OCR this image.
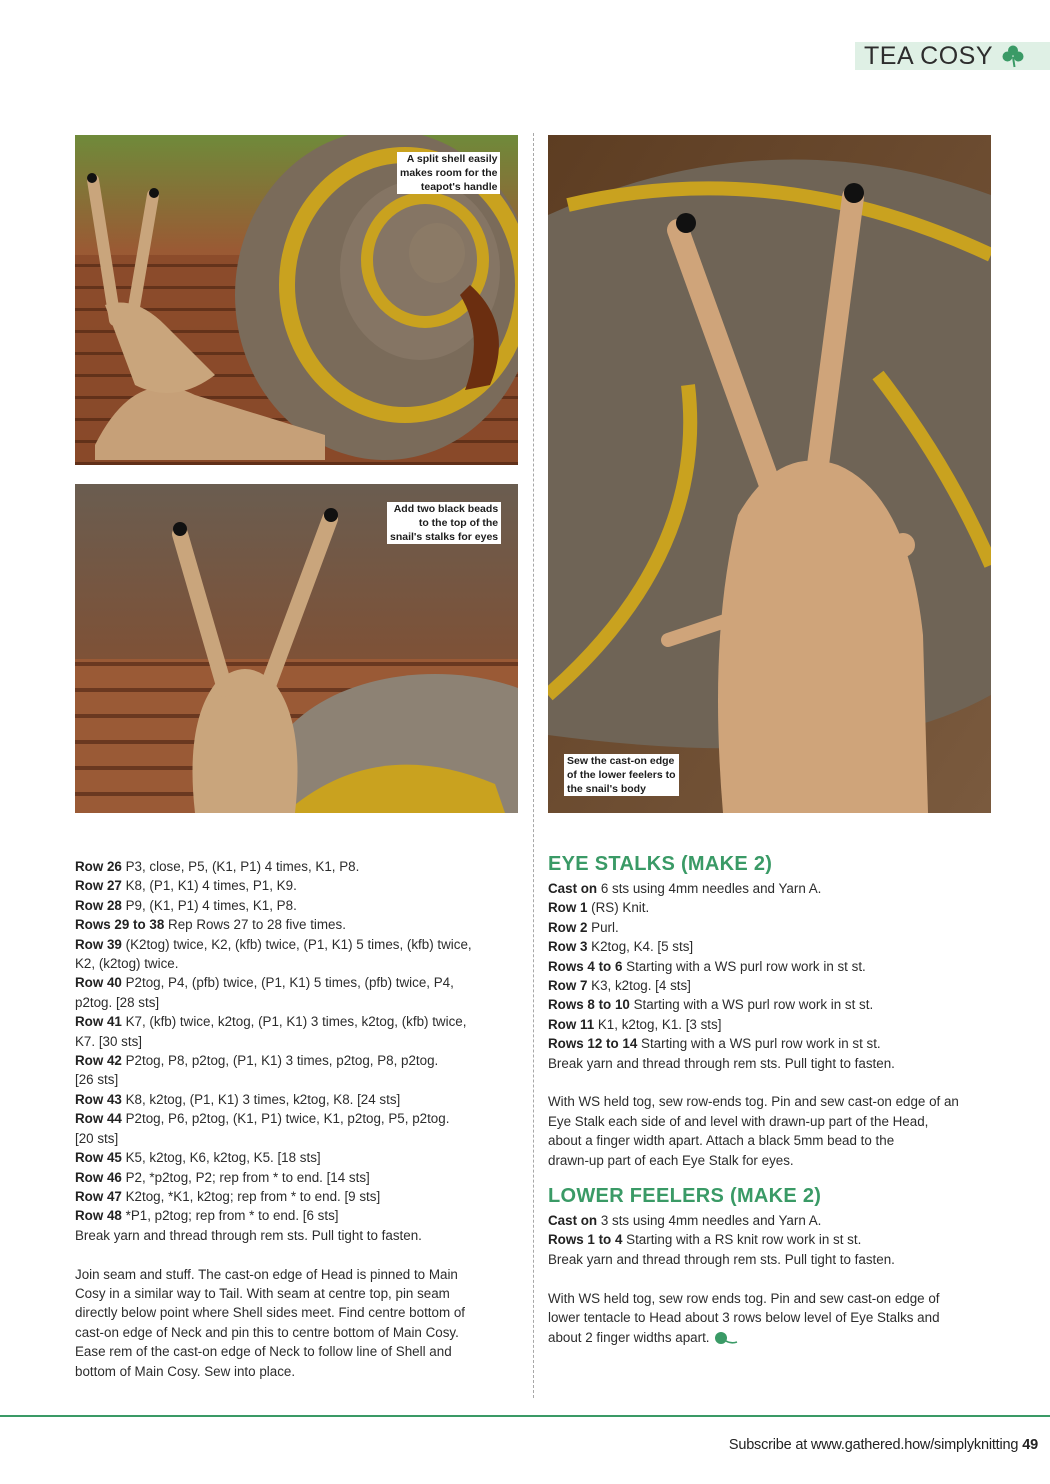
TEA COSY
A split shell easily
makes room for the
teapot's handle
Add two black beads
to the top of the
snail's stalks for eyes
Sew the cast-on edge
of the lower feelers to
the snail's body
Row 26 P3, close, P5, (K1, P1) 4 times, K1, P8.
Row 27 K8, (P1, K1) 4 times, P1, K9.
Row 28 P9, (K1, P1) 4 times, K1, P8.
Rows 29 to 38 Rep Rows 27 to 28 five times.
Row 39 (K2tog) twice, K2, (kfb) twice, (P1, K1) 5 times, (kfb) twice,
K2, (k2tog) twice.
Row 40 P2tog, P4, (pfb) twice, (P1, K1) 5 times, (pfb) twice, P4,
p2tog. [28 sts]
Row 41 K7, (kfb) twice, k2tog, (P1, K1) 3 times, k2tog, (kfb) twice,
K7. [30 sts]
Row 42 P2tog, P8, p2tog, (P1, K1) 3 times, p2tog, P8, p2tog.
[26 sts]
Row 43 K8, k2tog, (P1, K1) 3 times, k2tog, K8. [24 sts]
Row 44 P2tog, P6, p2tog, (K1, P1) twice, K1, p2tog, P5, p2tog.
[20 sts]
Row 45 K5, k2tog, K6, k2tog, K5. [18 sts]
Row 46 P2, *p2tog, P2; rep from * to end. [14 sts]
Row 47 K2tog, *K1, k2tog; rep from * to end. [9 sts]
Row 48 *P1, p2tog; rep from * to end. [6 sts]
Break yarn and thread through rem sts. Pull tight to fasten.
Join seam and stuff. The cast-on edge of Head is pinned to Main
Cosy in a similar way to Tail. With seam at centre top, pin seam
directly below point where Shell sides meet. Find centre bottom of
cast-on edge of Neck and pin this to centre bottom of Main Cosy.
Ease rem of the cast-on edge of Neck to follow line of Shell and
bottom of Main Cosy. Sew into place.
EYE STALKS (MAKE 2)
Cast on 6 sts using 4mm needles and Yarn A.
Row 1 (RS) Knit.
Row 2 Purl.
Row 3 K2tog, K4. [5 sts]
Rows 4 to 6 Starting with a WS purl row work in st st.
Row 7 K3, k2tog. [4 sts]
Rows 8 to 10 Starting with a WS purl row work in st st.
Row 11 K1, k2tog, K1. [3 sts]
Rows 12 to 14 Starting with a WS purl row work in st st.
Break yarn and thread through rem sts. Pull tight to fasten.
With WS held tog, sew row-ends tog. Pin and sew cast-on edge of an
Eye Stalk each side of and level with drawn-up part of the Head,
about a finger width apart. Attach a black 5mm bead to the
drawn-up part of each Eye Stalk for eyes.
LOWER FEELERS (MAKE 2)
Cast on 3 sts using 4mm needles and Yarn A.
Rows 1 to 4 Starting with a RS knit row work in st st.
Break yarn and thread through rem sts. Pull tight to fasten.
With WS held tog, sew row ends tog. Pin and sew cast-on edge of
lower tentacle to Head about 3 rows below level of Eye Stalks and
about 2 finger widths apart.
Subscribe at www.gathered.how/simplyknitting 49
